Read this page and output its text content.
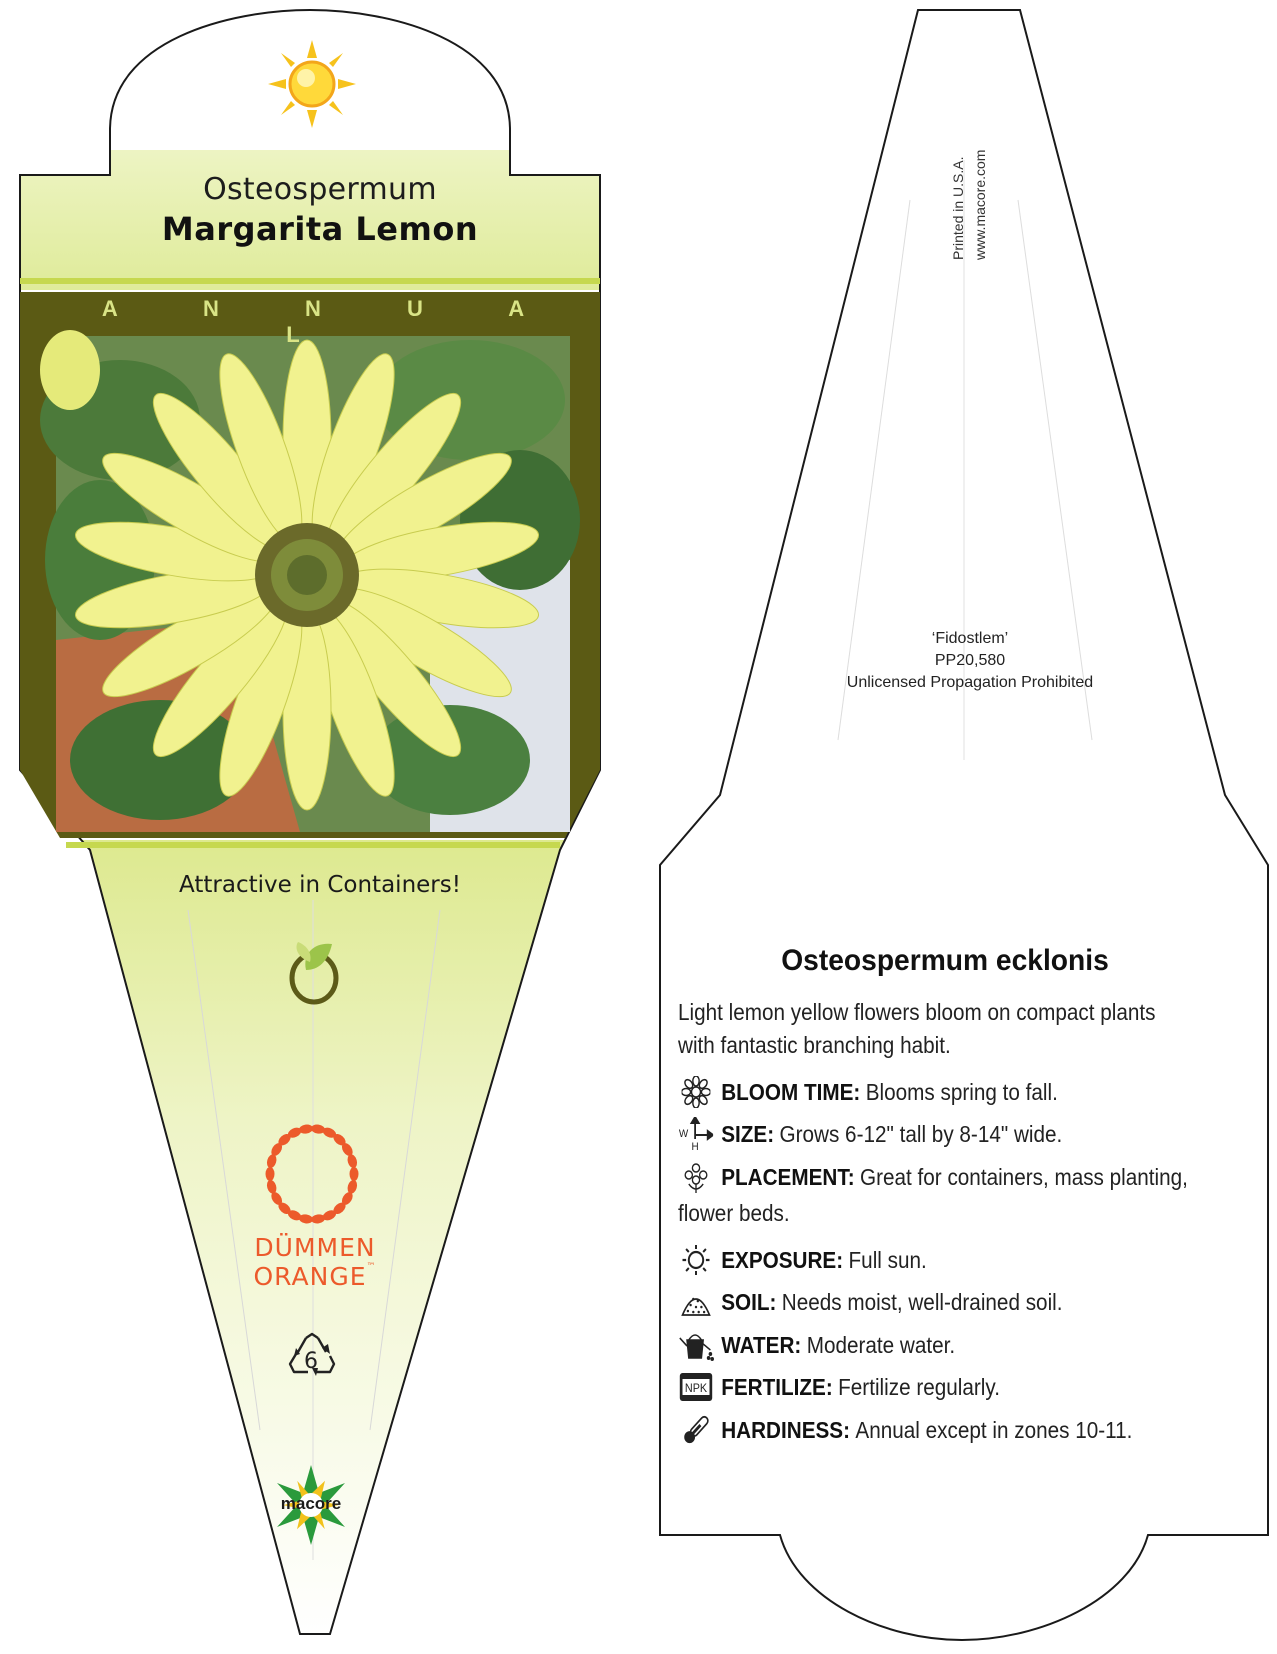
Osteospermum
Margarita Lemon
A N N U A L
Attractive in Containers!
DÜMMEN
ORANGE™
6
macore
Printed in U.S.A. www.macore.com
‘Fidostlem’
PP20,580
Unlicensed Propagation Prohibited
Osteospermum ecklonis
Light lemon yellow flowers bloom on compact plants with fantastic branching habit.
BLOOM TIME: Blooms spring to fall.
W
H
SIZE: Grows 6-12" tall by 8-14" wide.
PLACEMENT: Great for containers, mass planting,
flower beds.
EXPOSURE: Full sun.
SOIL: Needs moist, well-drained soil.
WATER: Moderate water.
NPK FERTILIZE: Fertilize regularly.
HARDINESS: Annual except in zones 10-11.
